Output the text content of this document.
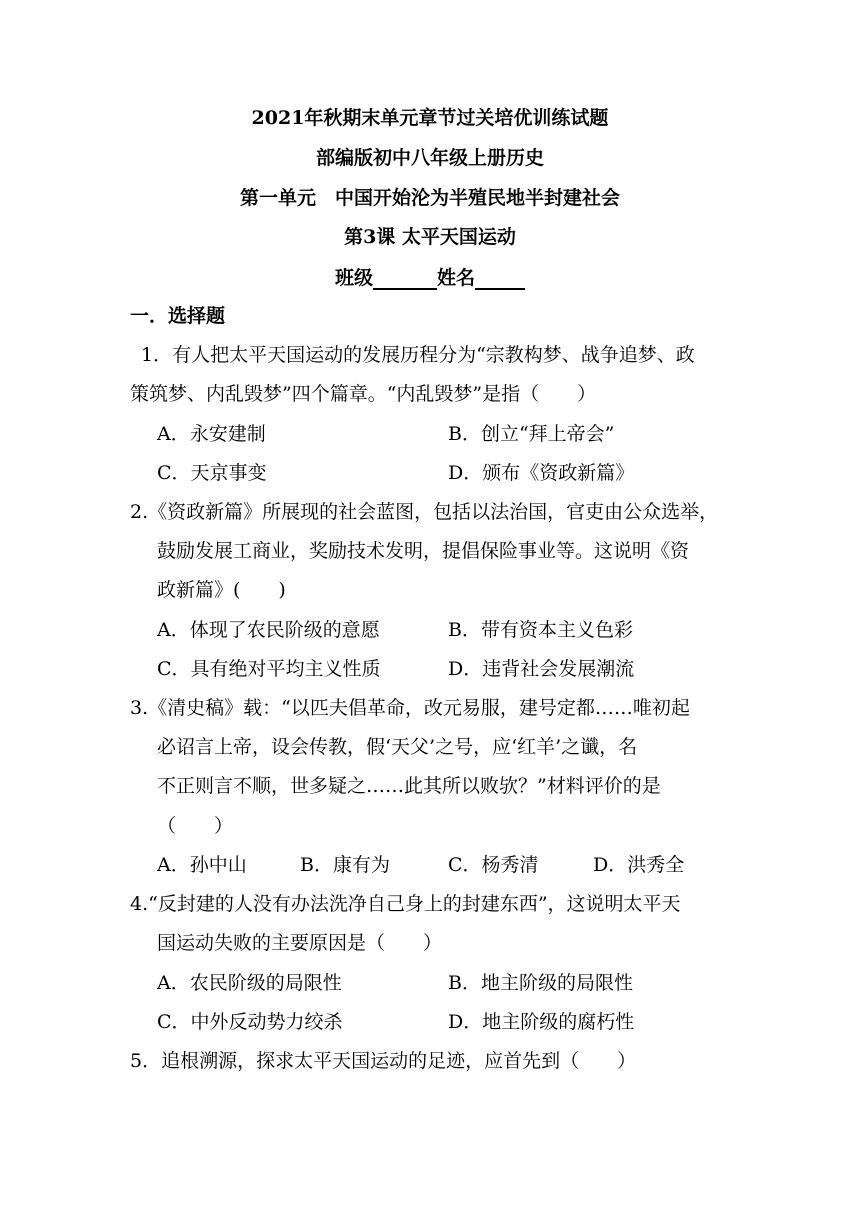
2021年秋期末单元章节过关培优训练试题
部编版初中八年级上册历史
第一单元　中国开始沦为半殖民地半封建社会
第3课 太平天国运动
班级	姓名
一．选择题
1．有人把太平天国运动的发展历程分为“宗教构梦、战争追梦、政
策筑梦、内乱毁梦”四个篇章。“内乱毁梦”是指（　　）
A．永安建制	B．创立“拜上帝会”
C．天京事变	D．颁布《资政新篇》
2.《资政新篇》所展现的社会蓝图，包括以法治国，官吏由公众选举，
鼓励发展工商业，奖励技术发明，提倡保险事业等。这说明《资
政新篇》(　　)
A．体现了农民阶级的意愿	B．带有资本主义色彩
C．具有绝对平均主义性质	D．违背社会发展潮流
3.《清史稿》载：“以匹夫倡革命，改元易服，建号定都……唯初起
必诏言上帝，设会传教，假‘天父’之号，应‘红羊’之谶，名
不正则言不顺，世多疑之……此其所以败欤？”材料评价的是
（　　）
A．孙中山	B．康有为	C．杨秀清	D．洪秀全
4.“反封建的人没有办法洗净自己身上的封建东西”，这说明太平天
国运动失败的主要原因是（　　）
A．农民阶级的局限性	B．地主阶级的局限性
C．中外反动势力绞杀	D．地主阶级的腐朽性
5．追根溯源，探求太平天国运动的足迹，应首先到（　　）
